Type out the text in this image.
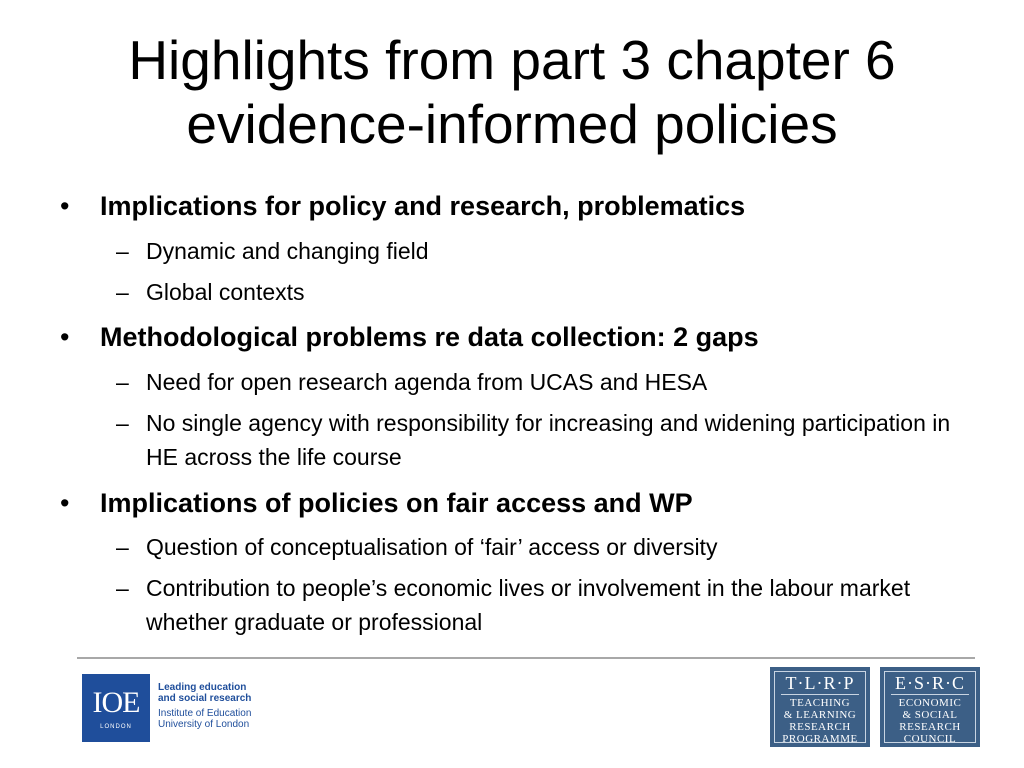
Highlights from part 3 chapter 6
evidence-informed policies
• Implications for policy and research, problematics
– Dynamic and changing field
– Global contexts
• Methodological problems re data collection: 2 gaps
– Need for open research agenda from UCAS and HESA
– No single agency with responsibility for increasing and widening participation in HE across the life course
• Implications of policies on fair access and WP
– Question of conceptualisation of ‘fair’ access or diversity
– Contribution to people’s economic lives or involvement in the labour market whether graduate or professional
IOE
LONDON
Leading education
and social research
Institute of Education
University of London
T·L·R·P
TEACHING
& LEARNING
RESEARCH
PROGRAMME
E·S·R·C
ECONOMIC
& SOCIAL
RESEARCH
COUNCIL
